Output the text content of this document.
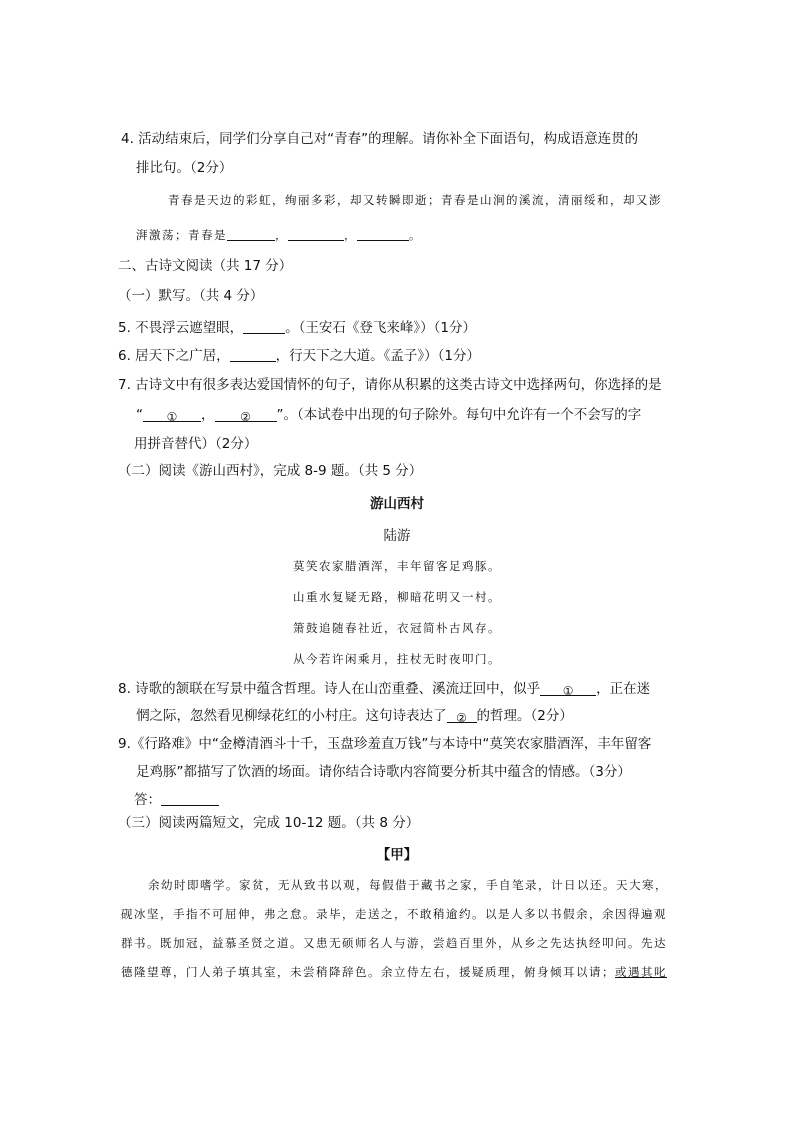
4. 活动结束后，同学们分享自己对“青春”的理解。请你补全下面语句，构成语意连贯的
排比句。（2分）
青春是天边的彩虹，绚丽多彩，却又转瞬即逝；青春是山涧的溪流，清丽绥和，却又澎
湃激荡；青春是	，	，	。
二、古诗文阅读（共 17 分）
（一）默写。（共 4 分）
5. 不畏浮云遮望眼，	。（王安石《登飞来峰》）（1分）
6. 居天下之广居，	，行天下之大道。《孟子》）（1分）
7. 古诗文中有很多表达爱国情怀的句子，请你从积累的这类古诗文中选择两句，你选择的是
“ ① ， ② ”。（本试卷中出现的句子除外。每句中允许有一个不会写的字
用拼音替代）（2分）
（二）阅读《游山西村》，完成 8-9 题。（共 5 分）
游山西村
陆游
莫笑农家腊酒浑，丰年留客足鸡豚。
山重水复疑无路，柳暗花明又一村。
箫鼓追随春社近，衣冠简朴古风存。
从今若许闲乘月，拄杖无时夜叩门。
8. 诗歌的颔联在写景中蕴含哲理。诗人在山峦重叠、溪流迂回中，似乎 ① ，正在迷
惘之际，忽然看见柳绿花红的小村庄。这句诗表达了 ② 的哲理。（2分）
9.《行路难》中“金樽清酒斗十千，玉盘珍羞直万钱”与本诗中“莫笑农家腊酒浑，丰年留客
足鸡豚”都描写了饮酒的场面。请你结合诗歌内容简要分析其中蕴含的情感。（3分）
答：
（三）阅读两篇短文，完成 10-12 题。（共 8 分）
【甲】
余幼时即嗜学。家贫，无从致书以观，每假借于藏书之家，手自笔录，计日以还。天大寒，
砚冰坚，手指不可屈伸，弗之怠。录毕，走送之，不敢稍逾约。以是人多以书假余，余因得遍观
群书。既加冠，益慕圣贤之道。又患无硕师名人与游，尝趋百里外，从乡之先达执经叩问。先达
德隆望尊，门人弟子填其室，未尝稍降辞色。余立侍左右，援疑质理，俯身倾耳以请；或遇其叱
